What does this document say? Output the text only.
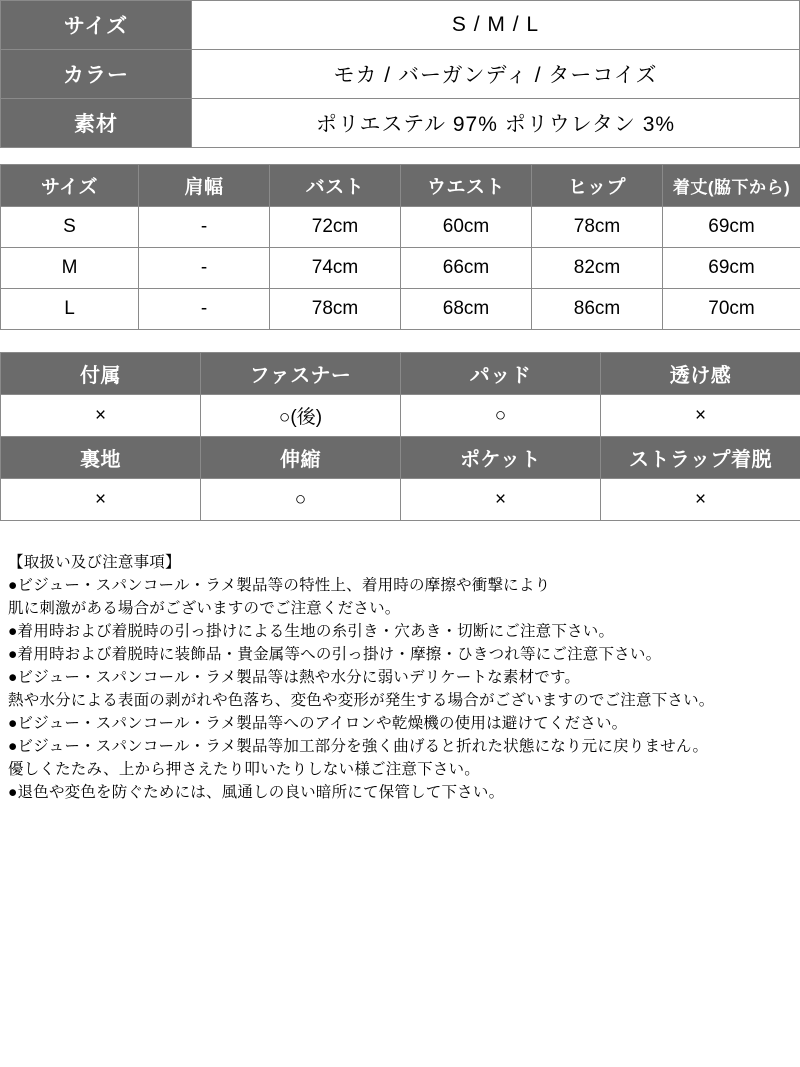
サイズ	S / M / L
カラー	モカ / バーガンディ / ターコイズ
素材	ポリエステル 97% ポリウレタン 3%
サイズ	肩幅	バスト	ウエスト	ヒップ	着丈(脇下から)
S	-	72cm	60cm	78cm	69cm
M	-	74cm	66cm	82cm	69cm
L	-	78cm	68cm	86cm	70cm
付属	ファスナー	パッド	透け感
×	○(後)	○	×
裏地	伸縮	ポケット	ストラップ着脱
×	○	×	×
【取扱い及び注意事項】
●ビジュー・スパンコール・ラメ製品等の特性上、着用時の摩擦や衝撃により
肌に刺激がある場合がございますのでご注意ください。
●着用時および着脱時の引っ掛けによる生地の糸引き・穴あき・切断にご注意下さい。
●着用時および着脱時に装飾品・貴金属等への引っ掛け・摩擦・ひきつれ等にご注意下さい。
●ビジュー・スパンコール・ラメ製品等は熱や水分に弱いデリケートな素材です。
熱や水分による表面の剥がれや色落ち、変色や変形が発生する場合がございますのでご注意下さい。
●ビジュー・スパンコール・ラメ製品等へのアイロンや乾燥機の使用は避けてください。
●ビジュー・スパンコール・ラメ製品等加工部分を強く曲げると折れた状態になり元に戻りません。
優しくたたみ、上から押さえたり叩いたりしない様ご注意下さい。
●退色や変色を防ぐためには、風通しの良い暗所にて保管して下さい。
